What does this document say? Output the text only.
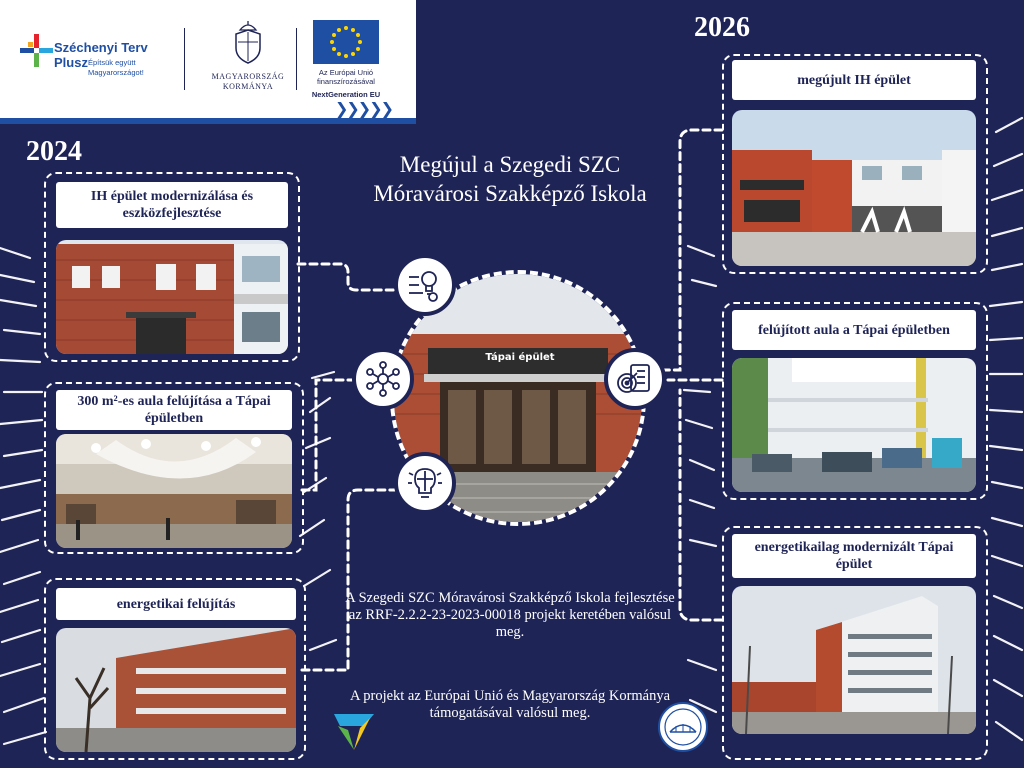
Széchenyi Terv Plusz Építsük együtt Magyarországot!	MAGYARORSZÁG KORMÁNYA
Az Európai Unió finanszírozásával
NextGeneration EU
❯❯❯❯❯
2024
2026
IH épület modernizálása és eszközfejlesztése
300 m²-es aula felújítása a Tápai épületben
energetikai felújítás
Megújul a Szegedi SZC Móravárosi Szakképző Iskola
Tápai épület
megújult IH épület
felújított aula a Tápai épületben
energetikailag modernizált Tápai épület
A Szegedi SZC Móravárosi Szakképző Iskola fejlesztése az RRF-2.2.2-23-2023-00018 projekt keretében valósul meg.
A projekt az Európai Unió és Magyarország Kormánya támogatásával valósul meg.
